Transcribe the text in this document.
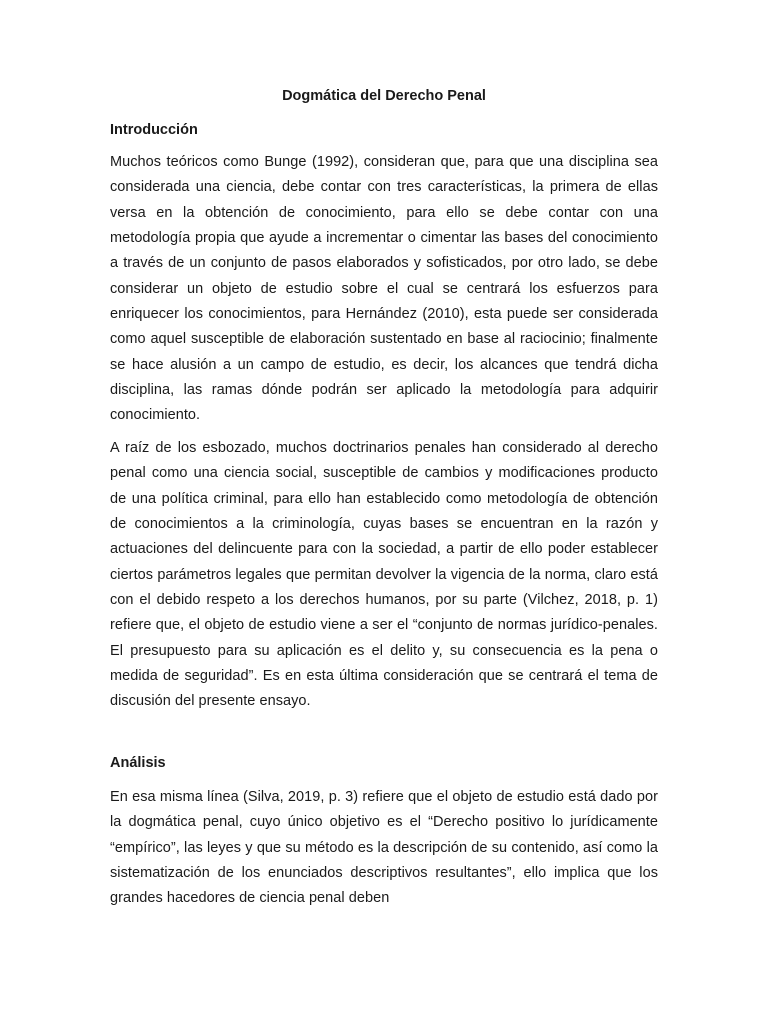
Dogmática del Derecho Penal
Introducción

Muchos teóricos como Bunge (1992), consideran que, para que una disciplina sea considerada una ciencia, debe contar con tres características, la primera de ellas versa en la obtención de conocimiento, para ello se debe contar con una metodología propia que ayude a incrementar o cimentar las bases del conocimiento a través de un conjunto de pasos elaborados y sofisticados, por otro lado, se debe considerar un objeto de estudio sobre el cual se centrará los esfuerzos para enriquecer los conocimientos, para Hernández (2010), esta puede ser considerada como aquel susceptible de elaboración sustentado en base al raciocinio; finalmente se hace alusión a un campo de estudio, es decir, los alcances que tendrá dicha disciplina, las ramas dónde podrán ser aplicado la metodología para adquirir conocimiento.

A raíz de los esbozado, muchos doctrinarios penales han considerado al derecho penal como una ciencia social, susceptible de cambios y modificaciones producto de una política criminal, para ello han establecido como metodología de obtención de conocimientos a la criminología, cuyas bases se encuentran en la razón y actuaciones del delincuente para con la sociedad, a partir de ello poder establecer ciertos parámetros legales que permitan devolver la vigencia de la norma, claro está con el debido respeto a los derechos humanos, por su parte (Vilchez, 2018, p. 1) refiere que, el objeto de estudio viene a ser el “conjunto de normas jurídico-penales. El presupuesto para su aplicación es el delito y, su consecuencia es la pena o medida de seguridad”. Es en esta última consideración que se centrará el tema de discusión del presente ensayo.

Análisis

En esa misma línea (Silva, 2019, p. 3) refiere que el objeto de estudio está dado por la dogmática penal, cuyo único objetivo es el “Derecho positivo lo jurídicamente “empírico”, las leyes y que su método es la descripción de su contenido, así como la sistematización de los enunciados descriptivos resultantes”, ello implica que los grandes hacedores de ciencia penal deben
